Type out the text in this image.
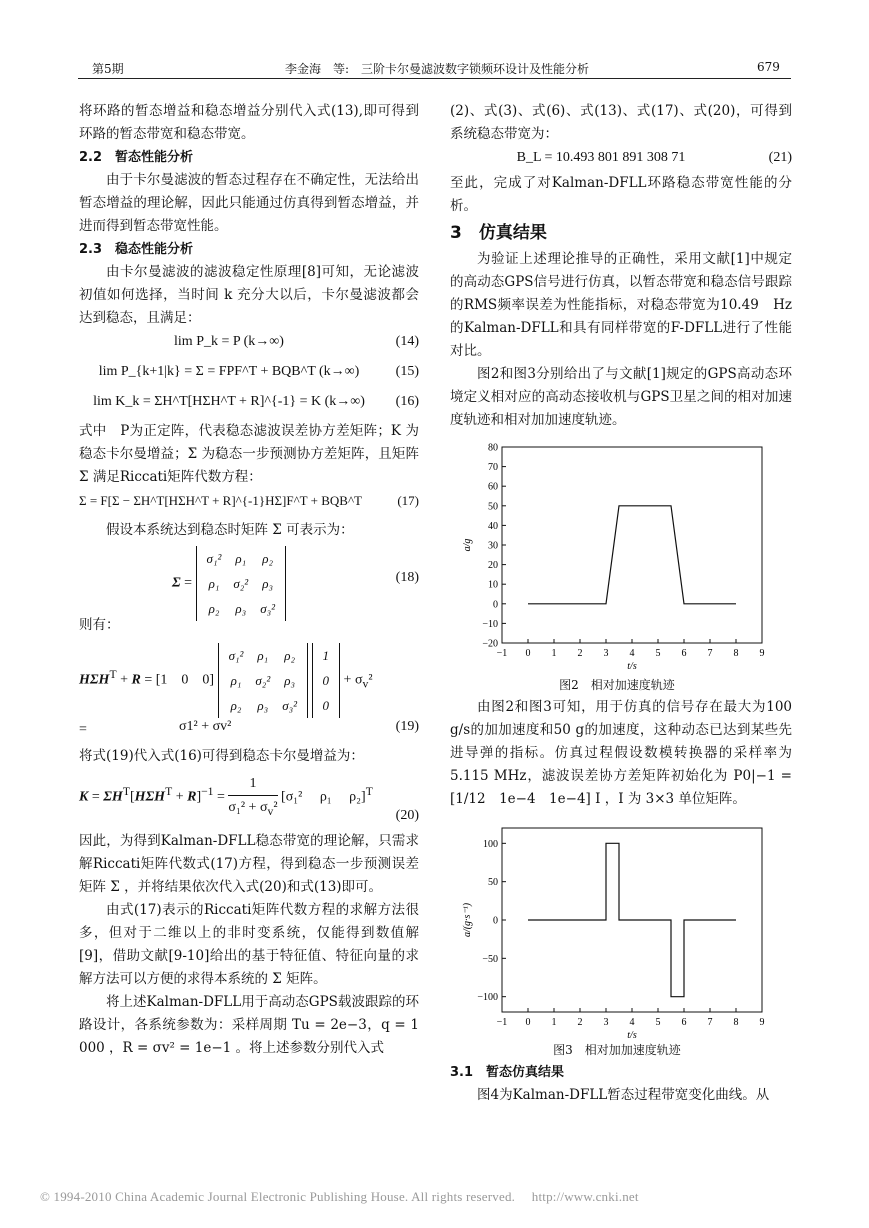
第5期	李金海　等:　三阶卡尔曼滤波数字锁频环设计及性能分析	679

将环路的暂态增益和稳态增益分别代入式(13),即可得到环路的暂态带宽和稳态带宽。

2.2　暂态性能分析

由于卡尔曼滤波的暂态过程存在不确定性，无法给出暂态增益的理论解，因此只能通过仿真得到暂态增益，并进而得到暂态带宽性能。

2.3　稳态性能分析

由卡尔曼滤波的滤波稳定性原理[8]可知，无论滤波初值如何选择，当时间 k 充分大以后，卡尔曼滤波都会达到稳态，且满足：

lim P_k = P (k→∞)	(14)
lim P_{k+1|k} = Σ = FPF^T + BQB^T (k→∞)	(15)
lim K_k = ΣH^T[HΣH^T + R]^{-1} = K (k→∞)	(16)

式中　P为正定阵，代表稳态滤波误差协方差矩阵；K 为稳态卡尔曼增益；Σ 为稳态一步预测协方差矩阵，且矩阵 Σ 满足Riccati矩阵代数方程：

Σ = F[Σ − ΣH^T[HΣH^T + R]^{-1}HΣ]F^T + BQB^T	(17)

假设本系统达到稳态时矩阵 Σ 可表示为：

Σ =
σ₁²	ρ₁	ρ₂
ρ₁	σ₂²	ρ₃
ρ₂	ρ₃	σ₃²
(18)

则有：

$H\Sigma H^T + R = [1$　0　0]
σ₁²	ρ₁	ρ₂
ρ₁	σ₂²	ρ₃
ρ₂	ρ₃	σ₃²

1
0
0
+ $\sigma_v^2$ =	σ1² + σv²	(19)

将式(19)代入式(16)可得到稳态卡尔曼增益为：

$K = \Sigma H^T[H\Sigma H^T + R]^{-1} = \frac{1}{\sigma_1^2 + \sigma_v^2} [\sigma_1^2$　 ρ₁　 ρ₂]$^T$
(20)

因此，为得到Kalman-DFLL稳态带宽的理论解，只需求解Riccati矩阵代数式(17)方程，得到稳态一步预测误差矩阵 Σ ，并将结果依次代入式(20)和式(13)即可。

由式(17)表示的Riccati矩阵代数方程的求解方法很多，但对于二维以上的非时变系统，仅能得到数值解[9]，借助文献[9-10]给出的基于特征值、特征向量的求解方法可以方便的求得本系统的 Σ 矩阵。

将上述Kalman-DFLL用于高动态GPS载波跟踪的环路设计，各系统参数为：采样周期 Tu = 2e−3，q = 1 000 ，R = σv² = 1e−1 。将上述参数分别代入式

(2)、式(3)、式(6)、式(13)、式(17)、式(20)，可得到系统稳态带宽为：

B_L = 10.493 801 891 308 71	(21)

至此，完成了对Kalman-DFLL环路稳态带宽性能的分析。

3　仿真结果

为验证上述理论推导的正确性，采用文献[1]中规定的高动态GPS信号进行仿真，以暂态带宽和稳态信号跟踪的RMS频率误差为性能指标，对稳态带宽为10.49　Hz的Kalman-DFLL和具有同样带宽的F-DFLL进行了性能对比。

图2和图3分别给出了与文献[1]规定的GPS高动态环境定义相对应的高动态接收机与GPS卫星之间的相对加速度轨迹和相对加加速度轨迹。

−1 0 1 2 3 4 5 6 7 8 9
−20
−10
0
10
20
30
40
50
60
70
80
t/s
a/g
图2　相对加速度轨迹

由图2和图3可知，用于仿真的信号存在最大为100 g/s的加加速度和50 g的加速度，这种动态已达到某些先进导弹的指标。仿真过程假设数模转换器的采样率为5.115 MHz，滤波误差协方差矩阵初始化为 P0|−1 = [1/12　1e−4　1e−4] I ，I 为 3×3 单位矩阵。

−1 0 1 2 3 4 5 6 7 8 9
−100
−50
0
50
100
t/s
a/(g·s⁻¹)
图3　相对加加速度轨迹

3.1　暂态仿真结果

图4为Kalman-DFLL暂态过程带宽变化曲线。从

© 1994-2010 China Academic Journal Electronic Publishing House. All rights reserved.　 http://www.cnki.net
